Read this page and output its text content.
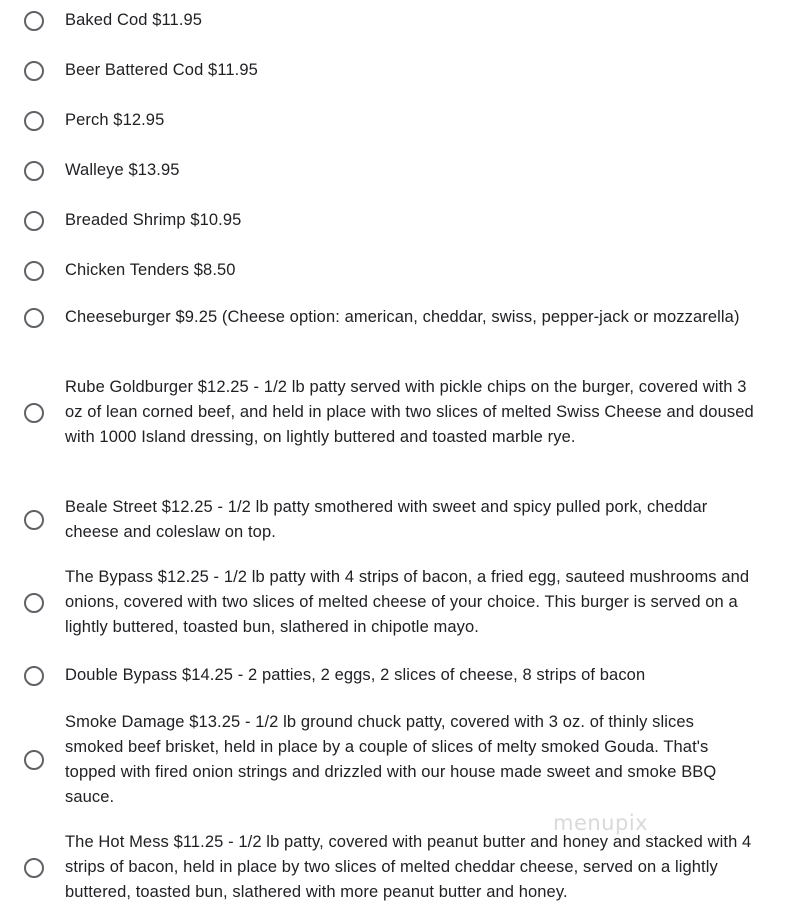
Baked Cod $11.95
Beer Battered Cod $11.95
Perch $12.95
Walleye $13.95
Breaded Shrimp $10.95
Chicken Tenders $8.50
Cheeseburger $9.25 (Cheese option: american, cheddar, swiss, pepper-jack or mozzarella)
Rube Goldburger $12.25 - 1/2 lb patty served with pickle chips on the burger, covered with 3 oz of lean corned beef, and held in place with two slices of melted Swiss Cheese and doused with 1000 Island dressing, on lightly buttered and toasted marble rye.
Beale Street $12.25 - 1/2 lb patty smothered with sweet and spicy pulled pork, cheddar cheese and coleslaw on top.
The Bypass $12.25 - 1/2 lb patty with 4 strips of bacon, a fried egg, sauteed mushrooms and onions, covered with two slices of melted cheese of your choice. This burger is served on a lightly buttered, toasted bun, slathered in chipotle mayo.
Double Bypass $14.25 - 2 patties, 2 eggs, 2 slices of cheese, 8 strips of bacon
Smoke Damage $13.25 - 1/2 lb ground chuck patty, covered with 3 oz. of thinly slices smoked beef brisket, held in place by a couple of slices of melty smoked Gouda. That's topped with fired onion strings and drizzled with our house made sweet and smoke BBQ sauce.
The Hot Mess $11.25 - 1/2 lb patty, covered with peanut butter and honey and stacked with 4 strips of bacon, held in place by two slices of melted cheddar cheese, served on a lightly buttered, toasted bun, slathered with more peanut butter and honey.
menupix
